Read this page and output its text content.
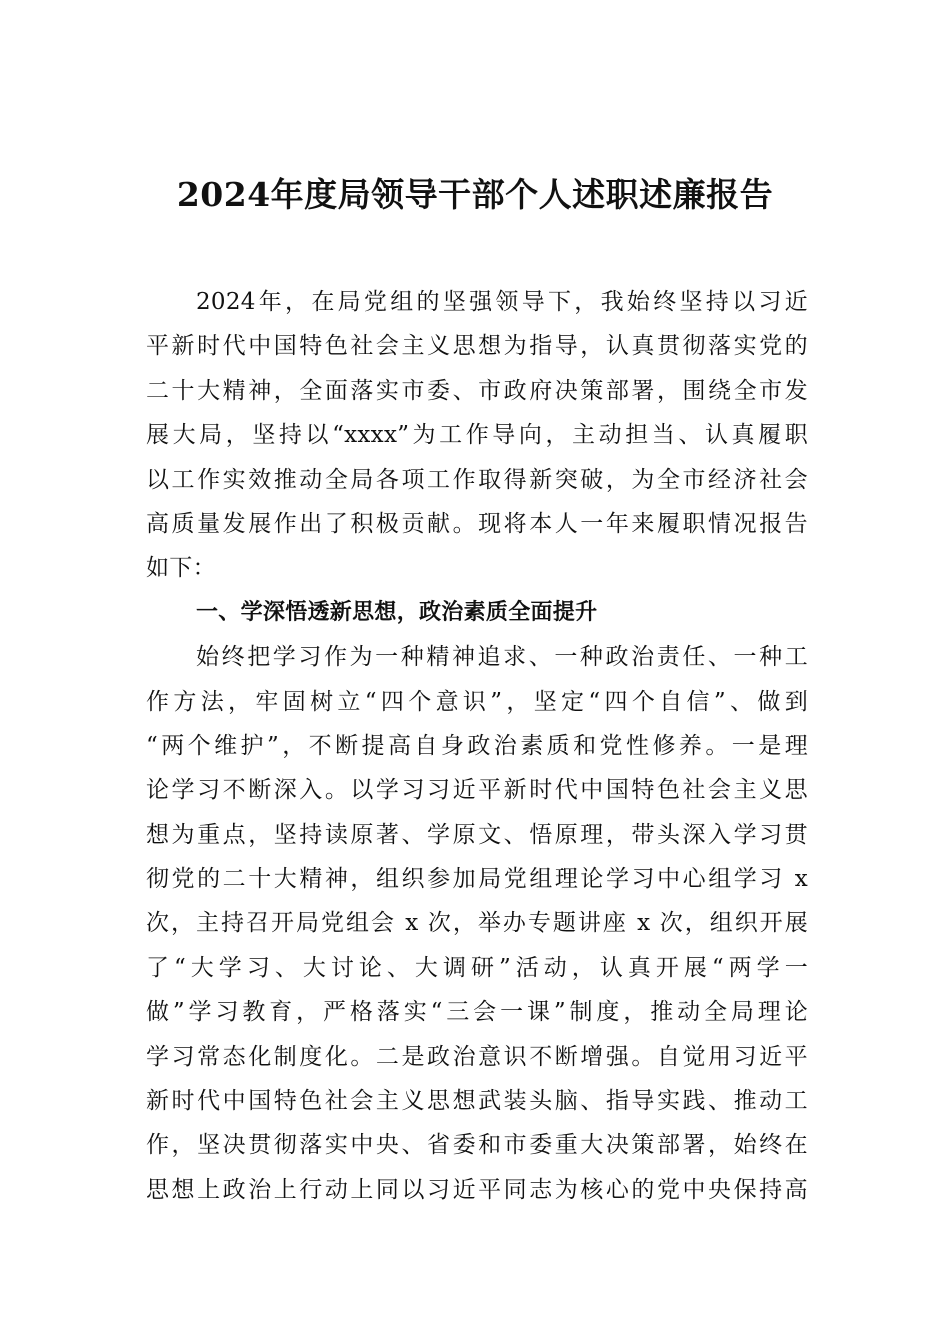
2024年度局领导干部个人述职述廉报告
2024年，在局党组的坚强领导下，我始终坚持以习近
平新时代中国特色社会主义思想为指导，认真贯彻落实党的
二十大精神，全面落实市委、市政府决策部署，围绕全市发
展大局，坚持以“xxxx”为工作导向，主动担当、认真履职
以工作实效推动全局各项工作取得新突破，为全市经济社会
高质量发展作出了积极贡献。现将本人一年来履职情况报告
如下：
一、学深悟透新思想，政治素质全面提升
始终把学习作为一种精神追求、一种政治责任、一种工
作方法，牢固树立“四个意识”，坚定“四个自信”、做到
“两个维护”，不断提高自身政治素质和党性修养。一是理
论学习不断深入。以学习习近平新时代中国特色社会主义思
想为重点，坚持读原著、学原文、悟原理，带头深入学习贯
彻党的二十大精神，组织参加局党组理论学习中心组学习 x
次，主持召开局党组会 x 次，举办专题讲座 x 次，组织开展
了“大学习、大讨论、大调研”活动，认真开展“两学一
做”学习教育，严格落实“三会一课”制度，推动全局理论
学习常态化制度化。二是政治意识不断增强。自觉用习近平
新时代中国特色社会主义思想武装头脑、指导实践、推动工
作，坚决贯彻落实中央、省委和市委重大决策部署，始终在
思想上政治上行动上同以习近平同志为核心的党中央保持高
